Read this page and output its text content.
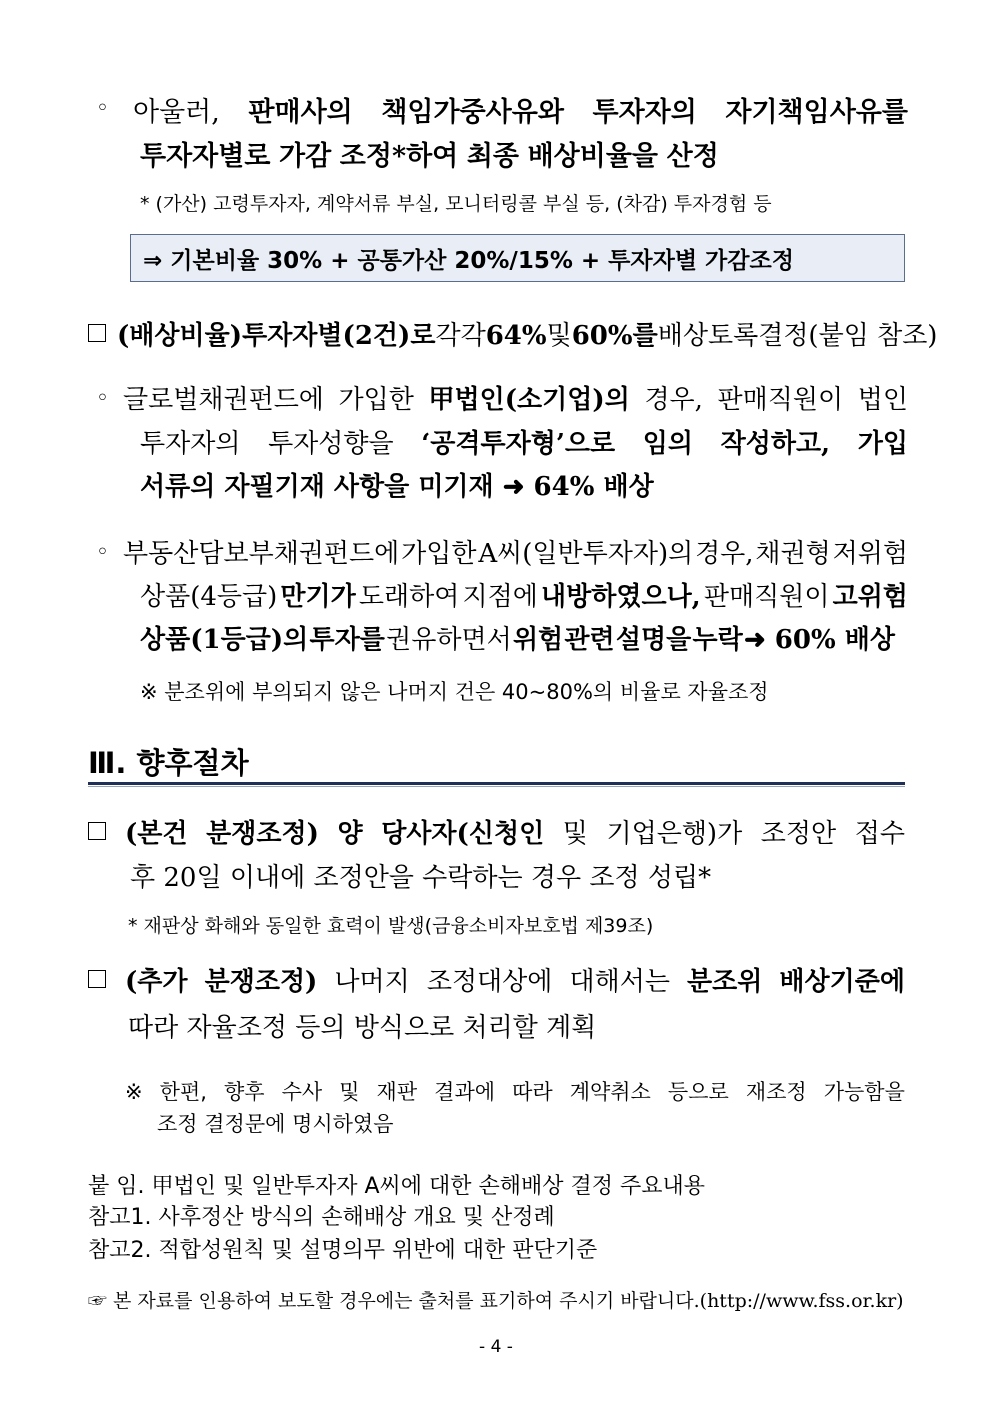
◦ 아울러, 판매사의 책임가중사유와 투자자의 자기책임사유를
투자자별로 가감 조정*하여 최종 배상비율을 산정
* (가산) 고령투자자, 계약서류 부실, 모니터링콜 부실 등, (차감) 투자경험 등
⇒ 기본비율 30% + 공통가산 20%/15% + 투자자별 가감조정
(배상비율) 투자자별(2건)로 각각 64% 및 60%를 배상토록 결정(붙임 참조)
◦ 글로벌채권펀드에 가입한 甲법인(소기업)의 경우, 판매직원이 법인
투자자의 투자성향을 ‘공격투자형’으로 임의 작성하고, 가입
서류의 자필기재 사항을 미기재 ➜ 64% 배상
◦ 부동산담보부채권펀드에 가입한 A씨(일반투자자)의 경우, 채권형 저위험
상품(4등급) 만기가 도래하여 지점에 내방하였으나, 판매직원이 고위험
상품(1등급)의 투자를 권유하면서 위험 관련 설명을 누락 ➜ 60% 배상
※ 분조위에 부의되지 않은 나머지 건은 40~80%의 비율로 자율조정
Ⅲ. 향후절차
(본건 분쟁조정) 양 당사자(신청인 및 기업은행)가 조정안 접수
후 20일 이내에 조정안을 수락하는 경우 조정 성립*
* 재판상 화해와 동일한 효력이 발생(금융소비자보호법 제39조)
(추가 분쟁조정) 나머지 조정대상에 대해서는 분조위 배상기준에
따라 자율조정 등의 방식으로 처리할 계획
※ 한편, 향후 수사 및 재판 결과에 따라 계약취소 등으로 재조정 가능함을
조정 결정문에 명시하였음
붙 임. 甲법인 및 일반투자자 A씨에 대한 손해배상 결정 주요내용
참고1. 사후정산 방식의 손해배상 개요 및 산정례
참고2. 적합성원칙 및 설명의무 위반에 대한 판단기준
☞ 본 자료를 인용하여 보도할 경우에는 출처를 표기하여 주시기 바랍니다.(http://www.fss.or.kr)
- 4 -
